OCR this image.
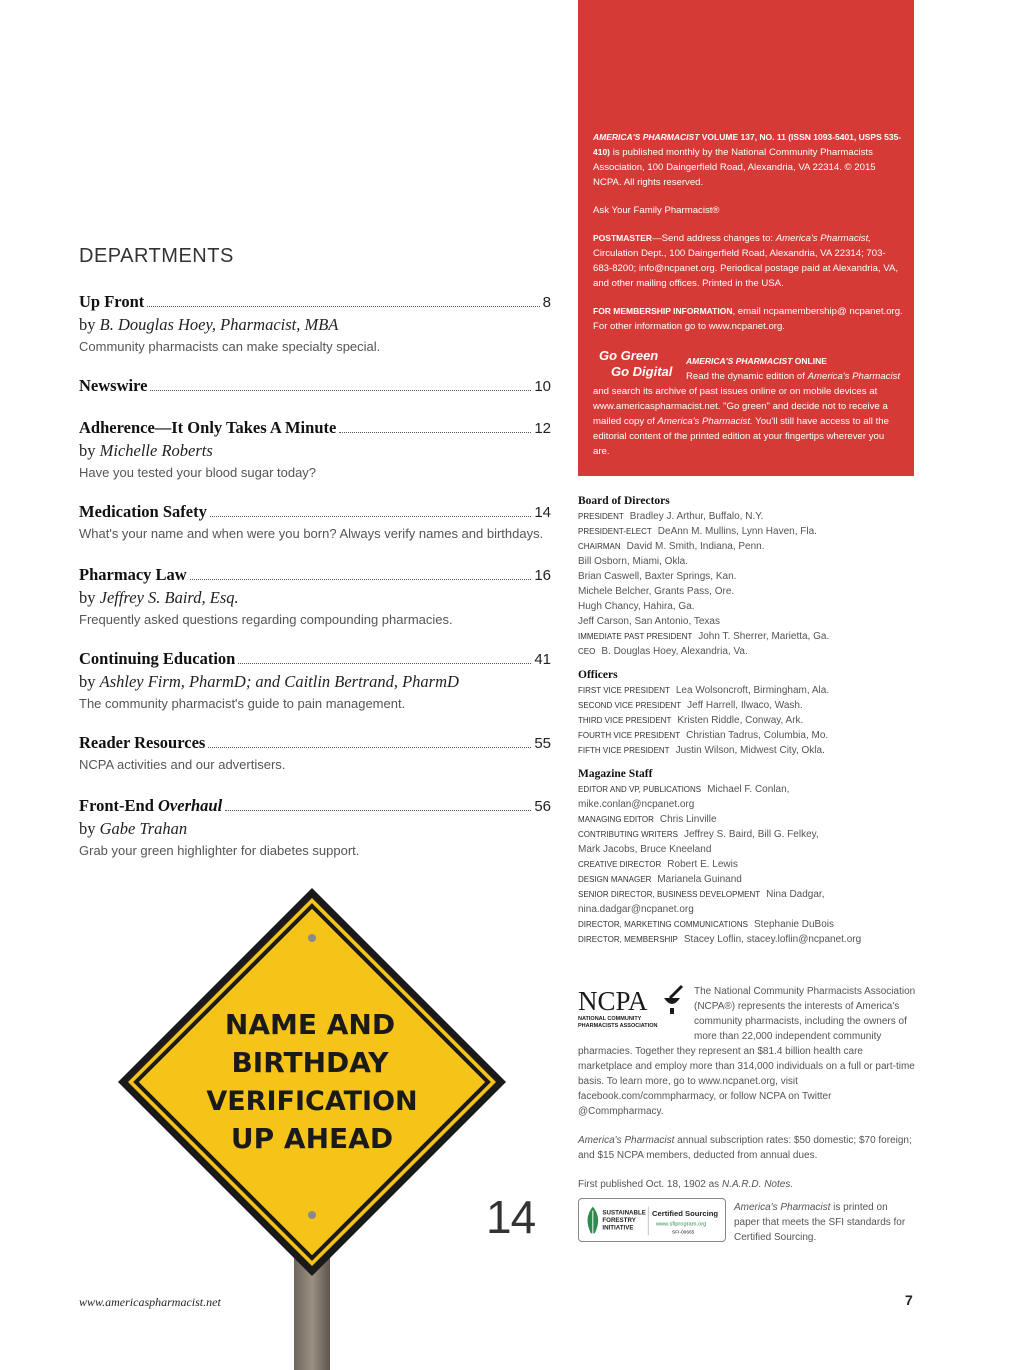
AMERICA'S PHARMACIST VOLUME 137, NO. 11 (ISSN 1093-5401, USPS 535-410) is published monthly by the National Community Pharmacists Association, 100 Daingerfield Road, Alexandria, VA 22314. © 2015 NCPA. All rights reserved.

Ask Your Family Pharmacist®

POSTMASTER—Send address changes to: America's Pharmacist, Circulation Dept., 100 Daingerfield Road, Alexandria, VA 22314; 703-683-8200; info@ncpanet.org. Periodical postage paid at Alexandria, VA, and other mailing offices. Printed in the USA.

FOR MEMBERSHIP INFORMATION, email ncpamembership@ ncpanet.org. For other information go to www.ncpanet.org.

Go Green
Go Digital
AMERICA'S PHARMACIST ONLINE
Read the dynamic edition of America's Pharmacist
and search its archive of past issues online or on mobile devices at www.americaspharmacist.net. "Go green" and decide not to receive a mailed copy of America's Pharmacist. You'll still have access to all the editorial content of the printed edition at your fingertips wherever you are.
DEPARTMENTS
Up Front	8
by B. Douglas Hoey, Pharmacist, MBA
Community pharmacists can make specialty special.
Newswire	10
Adherence—It Only Takes A Minute	12
by Michelle Roberts
Have you tested your blood sugar today?
Medication Safety	14
What's your name and when were you born? Always verify names and birthdays.
Pharmacy Law	16
by Jeffrey S. Baird, Esq.
Frequently asked questions regarding compounding pharmacies.
Continuing Education	41
by Ashley Firm, PharmD; and Caitlin Bertrand, PharmD
The community pharmacist's guide to pain management.
Reader Resources	55
NCPA activities and our advertisers.
Front-End Overhaul	56
by Gabe Trahan
Grab your green highlighter for diabetes support.
NAME AND
BIRTHDAY
VERIFICATION
UP AHEAD
14
Board of Directors
PRESIDENT Bradley J. Arthur, Buffalo, N.Y.
PRESIDENT-ELECT DeAnn M. Mullins, Lynn Haven, Fla.
CHAIRMAN David M. Smith, Indiana, Penn.
Bill Osborn, Miami, Okla.
Brian Caswell, Baxter Springs, Kan.
Michele Belcher, Grants Pass, Ore.
Hugh Chancy, Hahira, Ga.
Jeff Carson, San Antonio, Texas
IMMEDIATE PAST PRESIDENT John T. Sherrer, Marietta, Ga.
CEO B. Douglas Hoey, Alexandria, Va.
Officers
FIRST VICE PRESIDENT Lea Wolsoncroft, Birmingham, Ala.
SECOND VICE PRESIDENT Jeff Harrell, Ilwaco, Wash.
THIRD VICE PRESIDENT Kristen Riddle, Conway, Ark.
FOURTH VICE PRESIDENT Christian Tadrus, Columbia, Mo.
FIFTH VICE PRESIDENT Justin Wilson, Midwest City, Okla.
Magazine Staff
EDITOR AND VP, PUBLICATIONS Michael F. Conlan,
mike.conlan@ncpanet.org
MANAGING EDITOR Chris Linville
CONTRIBUTING WRITERS Jeffrey S. Baird, Bill G. Felkey,
Mark Jacobs, Bruce Kneeland
CREATIVE DIRECTOR Robert E. Lewis
DESIGN MANAGER Marianela Guinand
SENIOR DIRECTOR, BUSINESS DEVELOPMENT Nina Dadgar,
nina.dadgar@ncpanet.org
DIRECTOR, MARKETING COMMUNICATIONS Stephanie DuBois
DIRECTOR, MEMBERSHIP Stacey Loflin, stacey.loflin@ncpanet.org
NCPA
NATIONAL COMMUNITY
PHARMACISTS ASSOCIATION

The National Community Pharmacists Association (NCPA®) represents the interests of America's community pharmacists, including the owners of more than 22,000 independent community pharmacies. Together they represent an $81.4 billion health care marketplace and employ more than 314,000 individuals on a full or part-time basis. To learn more, go to www.ncpanet.org, visit facebook.com/commpharmacy, or follow NCPA on Twitter @Commpharmacy.

America's Pharmacist annual subscription rates: $50 domestic; $70 foreign; and $15 NCPA members, deducted from annual dues.

First published Oct. 18, 1902 as N.A.R.D. Notes.

SUSTAINABLE
FORESTRY
INITIATIVE
Certified Sourcing
www.sfiprogram.org
SFI-00665
America's Pharmacist is printed on paper that meets the SFI standards for Certified Sourcing.
www.americaspharmacist.net	7
